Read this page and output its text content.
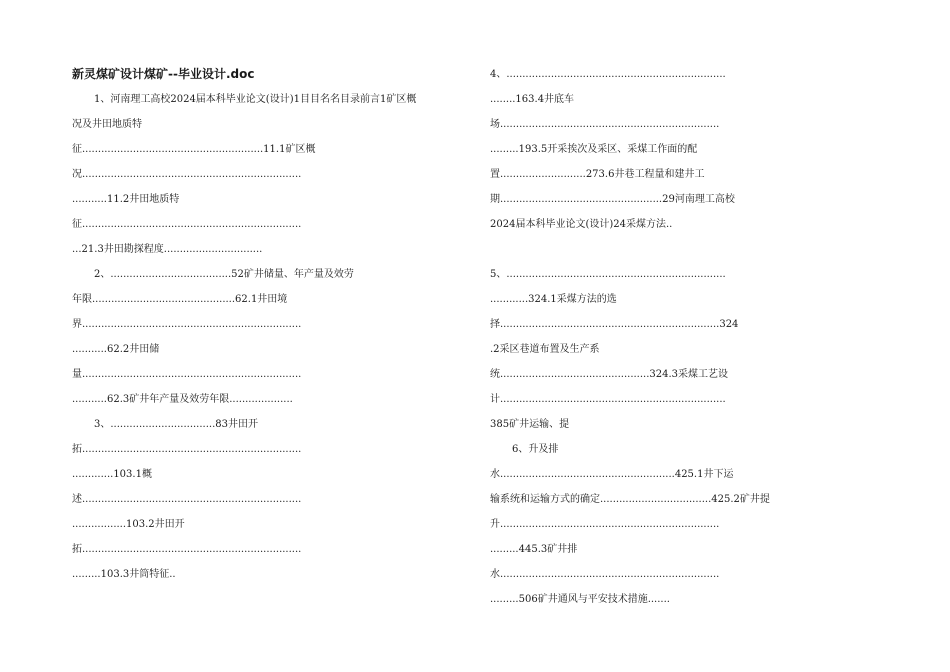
新灵煤矿设计煤矿--毕业设计.doc
1、河南理工高校2024届本科毕业论文(设计)1目目名名目录前言1矿区概
况及井田地质特
征.........................................................11.1矿区概
况.....................................................................
...........11.2井田地质特
征.....................................................................
...21.3井田勘探程度...............................
2、......................................52矿井储量、年产量及效劳
年限.............................................62.1井田境
界.....................................................................
...........62.2井田储
量.....................................................................
...........62.3矿井年产量及效劳年限....................
3、.................................83井田开
拓.....................................................................
.............103.1概
述.....................................................................
.................103.2井田开
拓.....................................................................
.........103.3井筒特征..
4、.....................................................................
........163.4井底车
场.....................................................................
.........193.5开采挨次及采区、采煤工作面的配
置...........................273.6井巷工程量和建井工
期...................................................29河南理工高校
2024届本科毕业论文(设计)24采煤方法..
5、.....................................................................
............324.1采煤方法的选
择.....................................................................324
.2采区巷道布置及生产系
统...............................................324.3采煤工艺设
计.......................................................................
385矿井运输、提
6、升及排
水.......................................................425.1井下运
输系统和运输方式的确定...................................425.2矿井提
升.....................................................................
.........445.3矿井排
水.....................................................................
.........506矿井通风与平安技术措施.......
